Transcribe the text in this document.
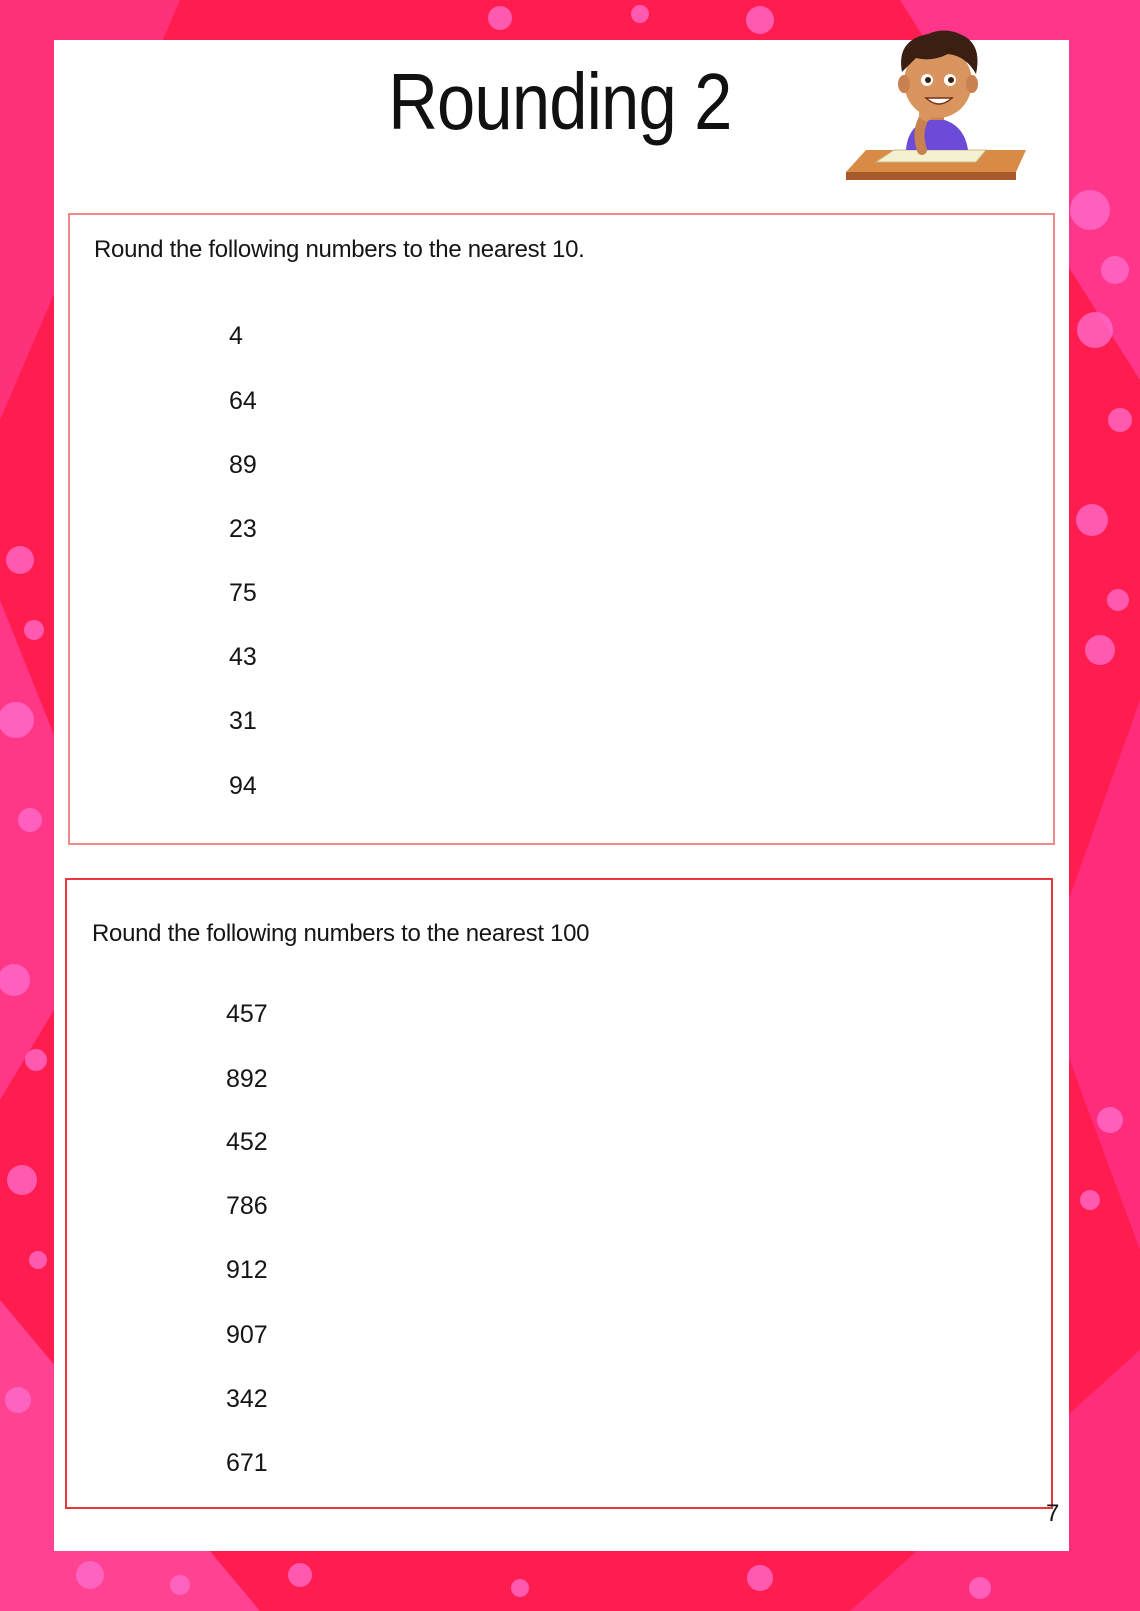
Rounding 2
Round the following numbers to the nearest 10.
4
64
89
23
75
43
31
94
Round the following numbers to the nearest 100
457
892
452
786
912
907
342
671
7
